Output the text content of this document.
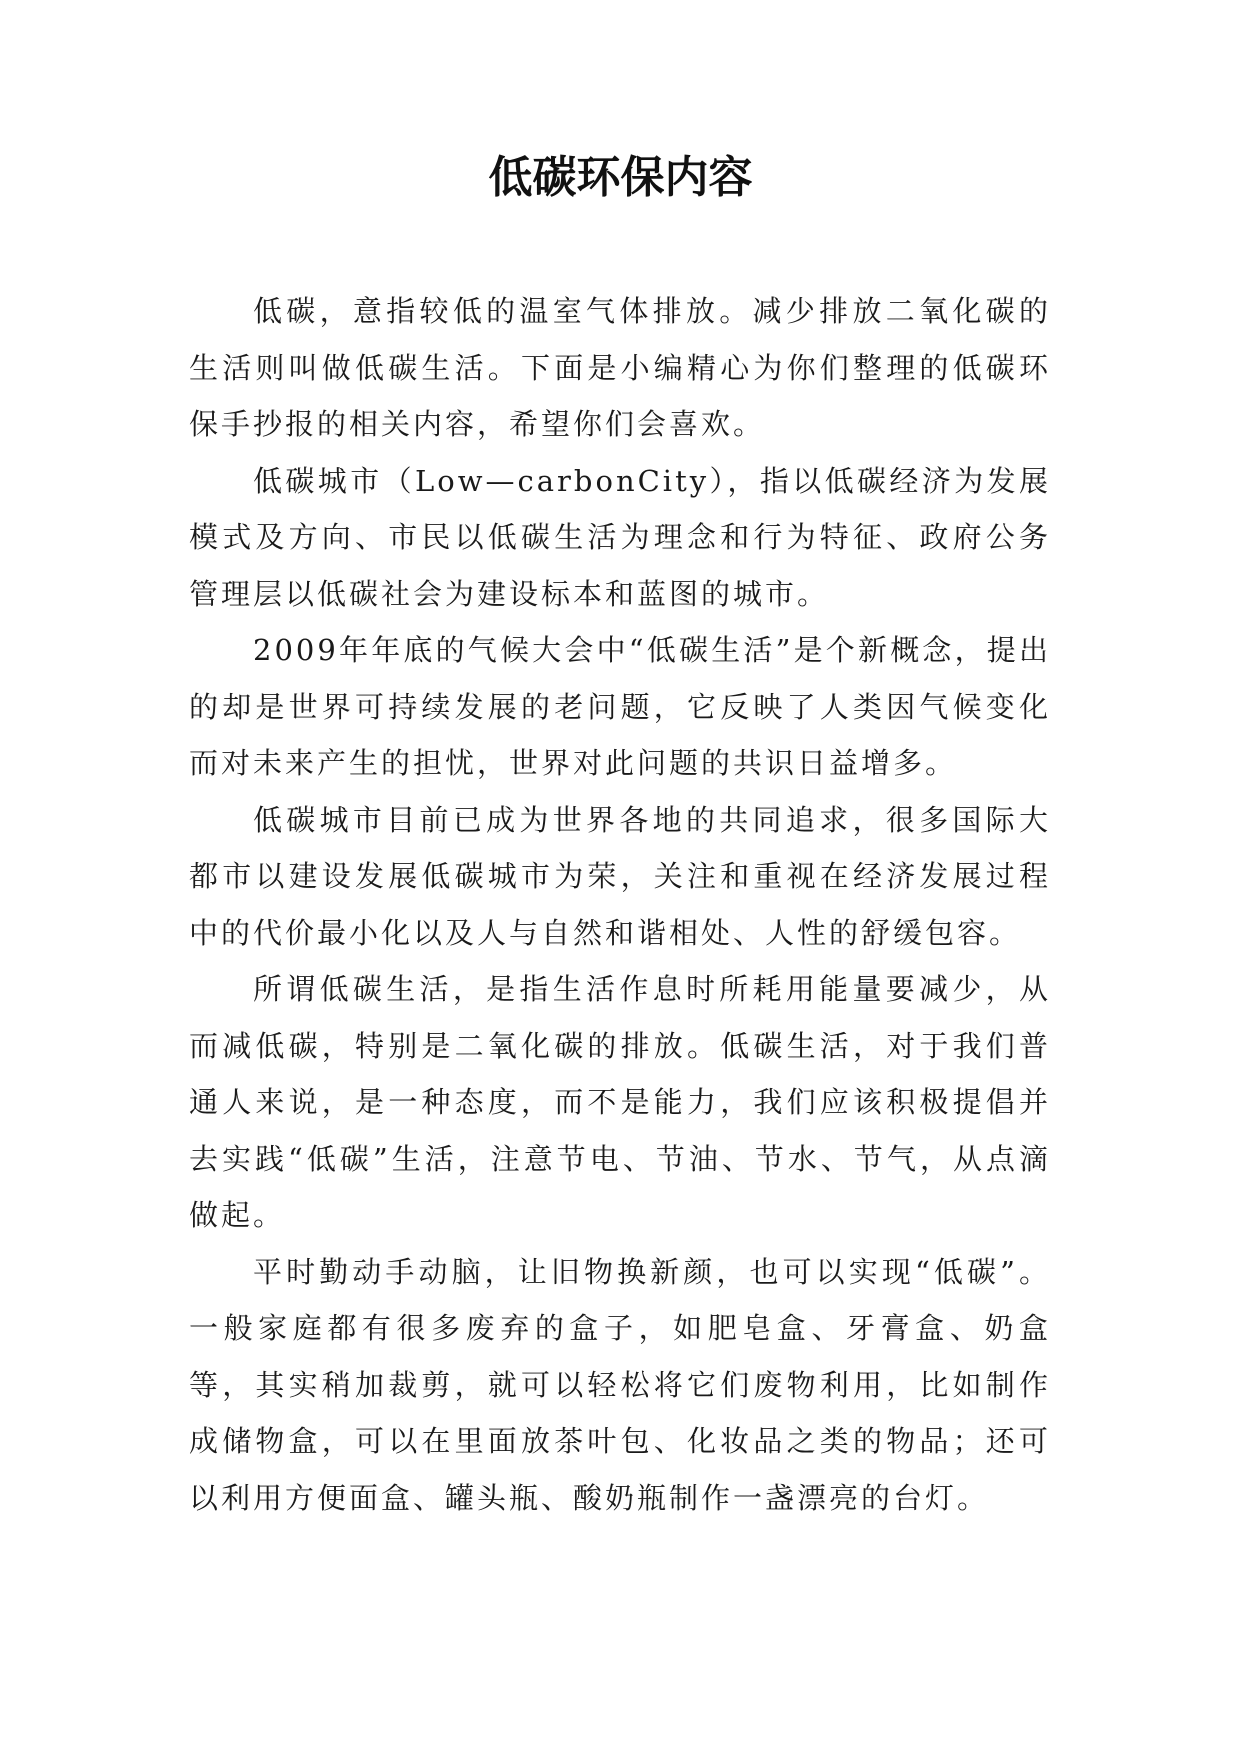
低碳环保内容

低碳，意指较低的温室气体排放。减少排放二氧化碳的生活则叫做低碳生活。下面是小编精心为你们整理的低碳环保手抄报的相关内容，希望你们会喜欢。

低碳城市（Low—carbonCity），指以低碳经济为发展模式及方向、市民以低碳生活为理念和行为特征、政府公务管理层以低碳社会为建设标本和蓝图的城市。

2009年年底的气候大会中“低碳生活”是个新概念，提出的却是世界可持续发展的老问题，它反映了人类因气候变化而对未来产生的担忧，世界对此问题的共识日益增多。

低碳城市目前已成为世界各地的共同追求，很多国际大都市以建设发展低碳城市为荣，关注和重视在经济发展过程中的代价最小化以及人与自然和谐相处、人性的舒缓包容。

所谓低碳生活，是指生活作息时所耗用能量要减少，从而减低碳，特别是二氧化碳的排放。低碳生活，对于我们普通人来说，是一种态度，而不是能力，我们应该积极提倡并去实践“低碳”生活，注意节电、节油、节水、节气，从点滴做起。

平时勤动手动脑，让旧物换新颜，也可以实现“低碳”。一般家庭都有很多废弃的盒子，如肥皂盒、牙膏盒、奶盒等，其实稍加裁剪，就可以轻松将它们废物利用，比如制作成储物盒，可以在里面放茶叶包、化妆品之类的物品；还可以利用方便面盒、罐头瓶、酸奶瓶制作一盏漂亮的台灯。
